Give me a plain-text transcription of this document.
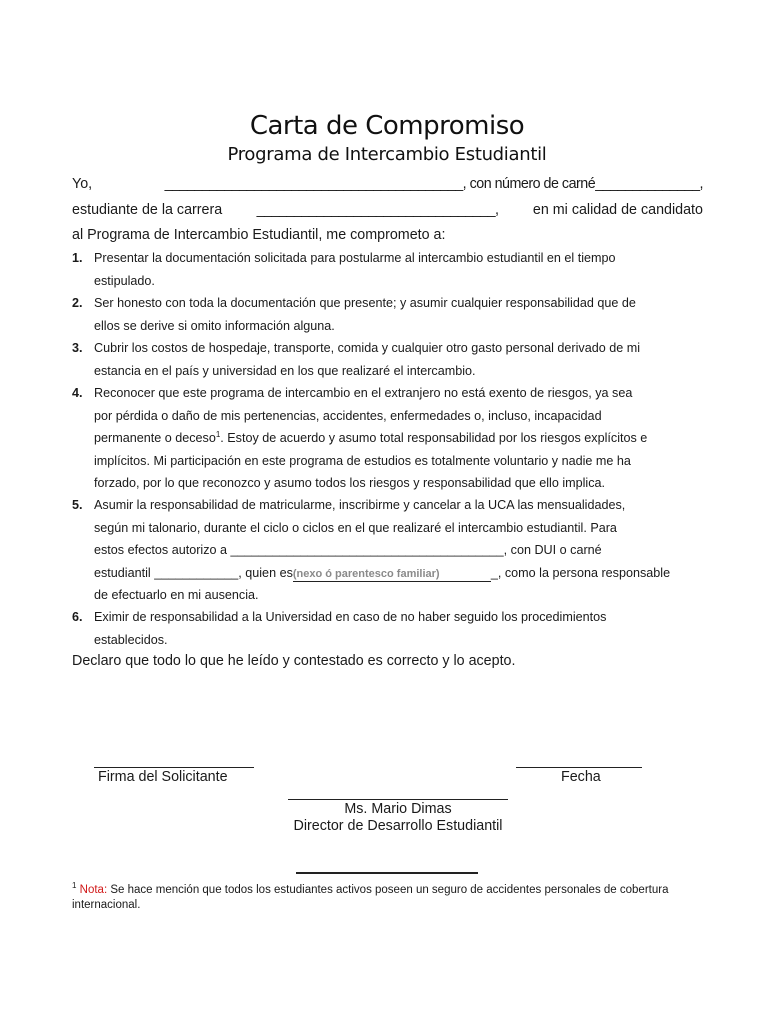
Carta de Compromiso
Programa de Intercambio Estudiantil
Yo,	________________________________________, con número de carné______________,
estudiante de la carrera ________________________________, en mi calidad de candidato
al Programa de Intercambio Estudiantil, me comprometo a:
1. Presentar la documentación solicitada para postularme al intercambio estudiantil en el tiempo
estipulado.
2. Ser honesto con toda la documentación que presente; y asumir cualquier responsabilidad que de
ellos se derive si omito información alguna.
3. Cubrir los costos de hospedaje, transporte, comida y cualquier otro gasto personal derivado de mi
estancia en el país y universidad en los que realizaré el intercambio.
4. Reconocer que este programa de intercambio en el extranjero no está exento de riesgos, ya sea
por pérdida o daño de mis pertenencias, accidentes, enfermedades o, incluso, incapacidad
permanente o deceso$^1$. Estoy de acuerdo y asumo total responsabilidad por los riesgos explícitos e
implícitos. Mi participación en este programa de estudios es totalmente voluntario y nadie me ha
forzado, por lo que reconozco y asumo todos los riesgos y responsabilidad que ello implica.
5. Asumir la responsabilidad de matricularme, inscribirme y cancelar a la UCA las mensualidades,
según mi talonario, durante el ciclo o ciclos en el que realizaré el intercambio estudiantil. Para
estos efectos autorizo a _______________________________________, con DUI o carné
estudiantil ____________, quien es(nexo ó parentesco familiar)	_, como la persona responsable
de efectuarlo en mi ausencia.
6. Eximir de responsabilidad a la Universidad en caso de no haber seguido los procedimientos
establecidos.
Declaro que todo lo que he leído y contestado es correcto y lo acepto.
Firma del Solicitante	Fecha
Ms. Mario Dimas
Director de Desarrollo Estudiantil
$^1$ Nota: Se hace mención que todos los estudiantes activos poseen un seguro de accidentes personales de cobertura internacional.
